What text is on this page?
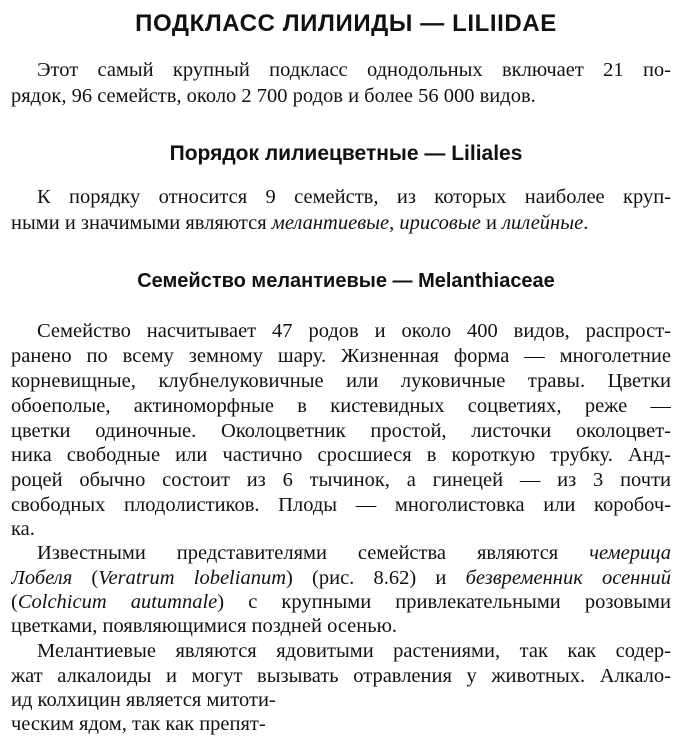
ПОДКЛАСС ЛИЛИИДЫ — LILIIDAE
Этот самый крупный подкласс однодольных включает 21 по-
рядок, 96 семейств, около 2 700 родов и более 56 000 видов.
Порядок лилиецветные — Liliales
К порядку относится 9 семейств, из которых наиболее круп-
ными и значимыми являются мелантиевые, ирисовые и лилейные.
Семейство мелантиевые — Melanthiaceae
Семейство насчитывает 47 родов и около 400 видов, распрост-
ранено по всему земному шару. Жизненная форма — многолетние
корневищные, клубнелуковичные или луковичные травы. Цветки
обоеполые, актиноморфные в кистевидных соцветиях, реже —
цветки одиночные. Околоцветник простой, листочки околоцвет-
ника свободные или частично сросшиеся в короткую трубку. Анд-
роцей обычно состоит из 6 тычинок, а гинецей — из 3 почти
свободных плодолистиков. Плоды — многолистовка или коробоч-
ка.
Известными представителями семейства являются чемерица
Лобеля (Veratrum lobelianum) (рис. 8.62) и безвременник осенний
(Colchicum autumnale) с крупными привлекательными розовыми
цветками, появляющимися поздней осенью.
Мелантиевые являются ядовитыми растениями, так как содер-
жат алкалоиды и могут вызывать отравления у животных. Алкало-
ид колхицин является митоти-
ческим ядом, так как препят-
